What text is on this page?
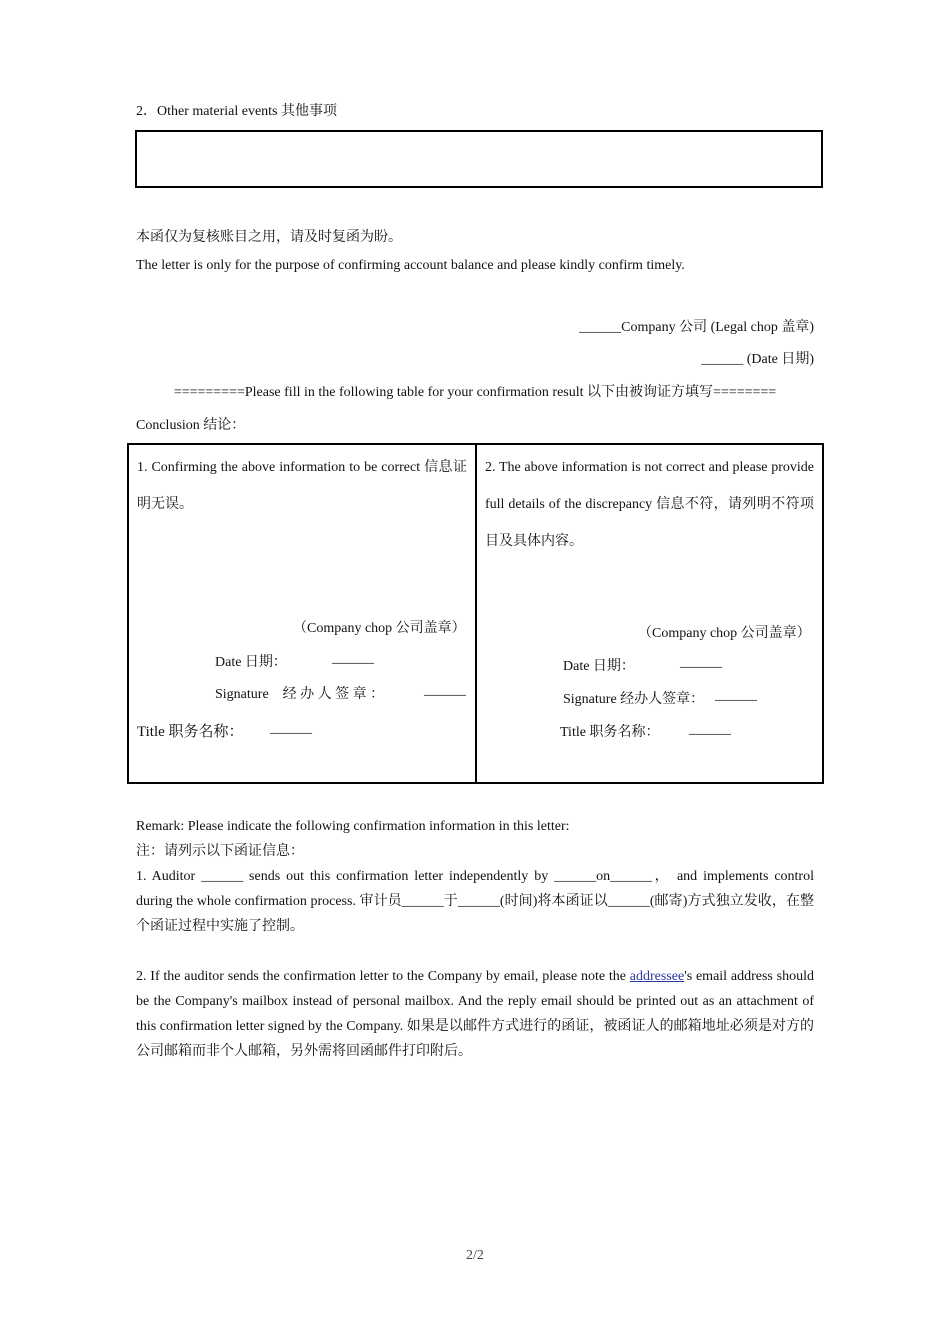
2．Other material events 其他事项
本函仅为复核账目之用，请及时复函为盼。
The letter is only for the purpose of confirming account balance and please kindly confirm timely.
______Company 公司 (Legal chop 盖章)
______ (Date 日期)
=========Please fill in the following table for your confirmation result 以下由被询证方填写========
Conclusion 结论：
1. Confirming the above information to be correct 信息证明无误。
（Company chop 公司盖章）
Date 日期：	______
Signature　经 办 人 签 章 ：	______
Title 职务名称： ______
2. The above information is not correct and please provide full details of the discrepancy 信息不符，请列明不符项目及具体内容。
（Company chop 公司盖章）
Date 日期：	______
Signature 经办人签章： ______
Title 职务名称： ______
Remark: Please indicate the following confirmation information in this letter:
注：请列示以下函证信息：
1. Auditor ______ sends out this confirmation letter independently by ______on______， and implements control during the whole confirmation process. 审计员______于______(时间)将本函证以______(邮寄)方式独立发收，在整个函证过程中实施了控制。
2. If the auditor sends the confirmation letter to the Company by email, please note the addressee's email address should be the Company's mailbox instead of personal mailbox. And the reply email should be printed out as an attachment of this confirmation letter signed by the Company. 如果是以邮件方式进行的函证，被函证人的邮箱地址必须是对方的公司邮箱而非个人邮箱，另外需将回函邮件打印附后。
2/2
